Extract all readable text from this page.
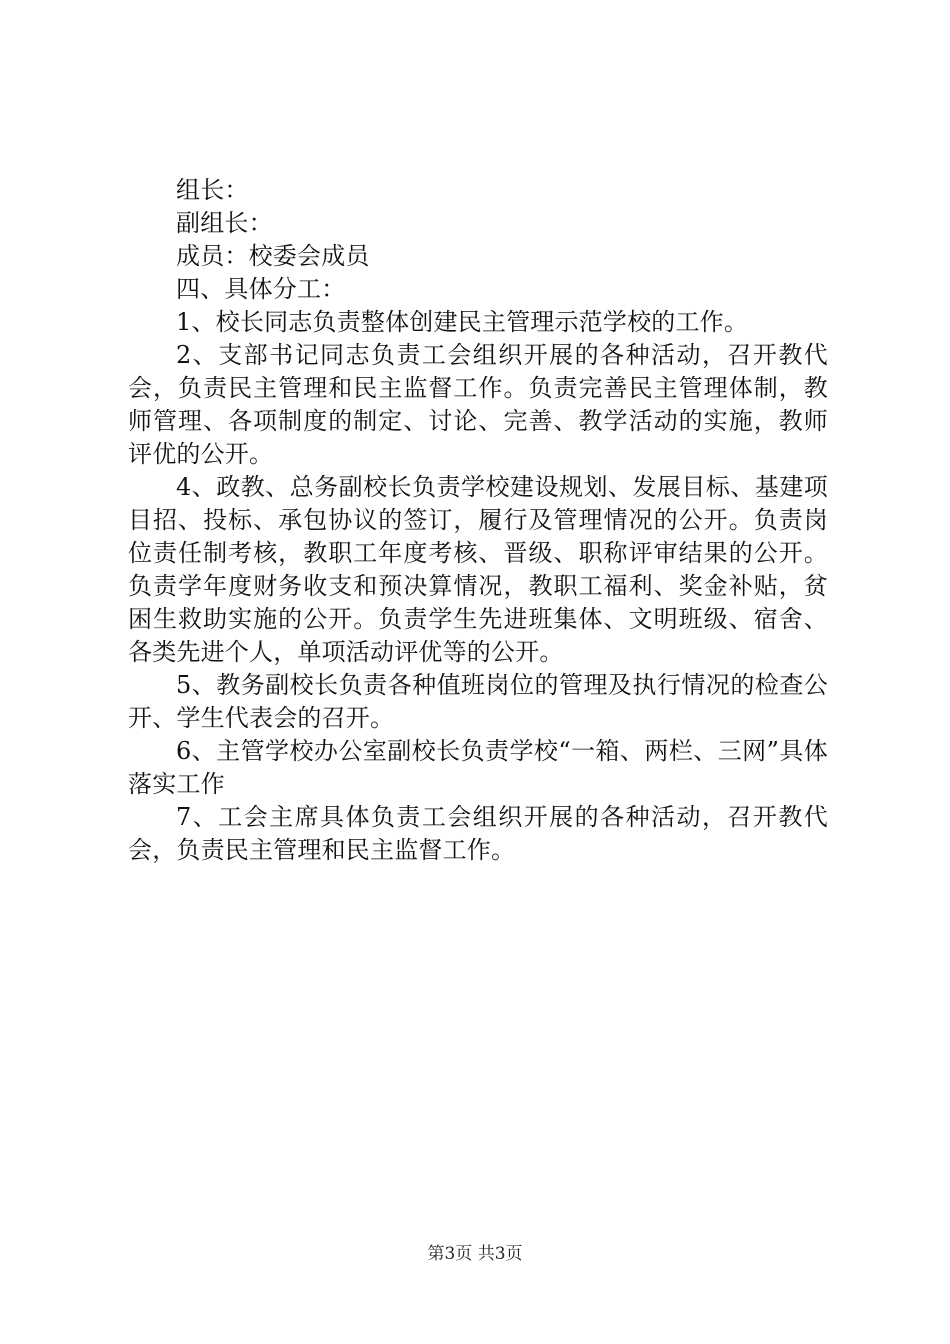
组长：

副组长：

成员：校委会成员

四、具体分工：

1、校长同志负责整体创建民主管理示范学校的工作。

2、支部书记同志负责工会组织开展的各种活动，召开教代会，负责民主管理和民主监督工作。负责完善民主管理体制，教师管理、各项制度的制定、讨论、完善、教学活动的实施，教师评优的公开。

4、政教、总务副校长负责学校建设规划、发展目标、基建项目招、投标、承包协议的签订，履行及管理情况的公开。负责岗位责任制考核，教职工年度考核、晋级、职称评审结果的公开。负责学年度财务收支和预决算情况，教职工福利、奖金补贴，贫困生救助实施的公开。负责学生先进班集体、文明班级、宿舍、各类先进个人，单项活动评优等的公开。

5、教务副校长负责各种值班岗位的管理及执行情况的检查公开、学生代表会的召开。

6、主管学校办公室副校长负责学校“一箱、两栏、三网”具体落实工作

7、工会主席具体负责工会组织开展的各种活动，召开教代会，负责民主管理和民主监督工作。

第3页 共3页
